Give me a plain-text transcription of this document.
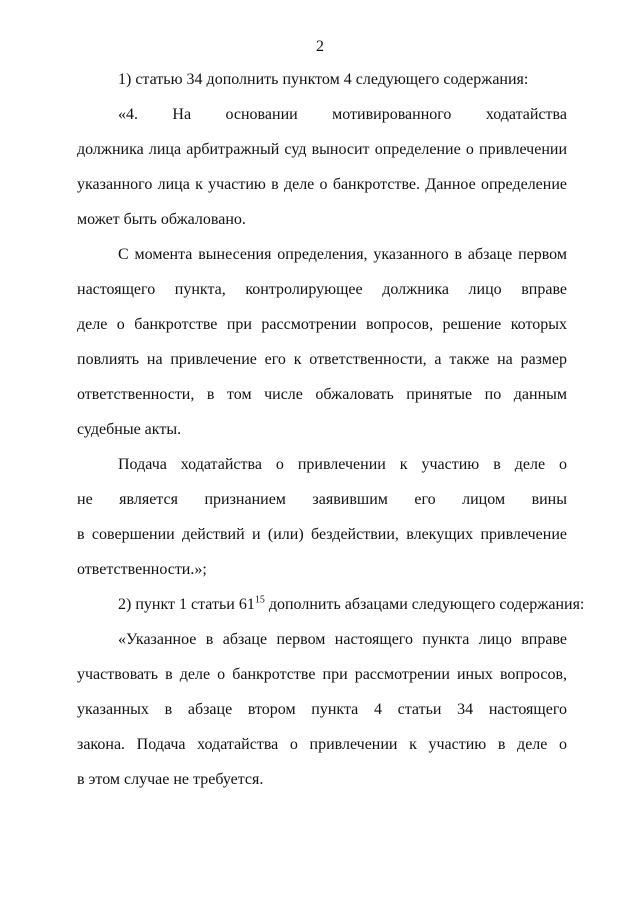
2
1) статью 34 дополнить пунктом 4 следующего содержания:
«4. На основании мотивированного ходатайства
должника лица арбитражный суд выносит определение о привлечении
указанного лица к участию в деле о банкротстве. Данное определение
может быть обжаловано.
С момента вынесения определения, указанного в абзаце первом
настоящего пункта, контролирующее должника лицо вправе
деле о банкротстве при рассмотрении вопросов, решение которых
повлиять на привлечение его к ответственности, а также на размер
ответственности, в том числе обжаловать принятые по данным
судебные акты.
Подача ходатайства о привлечении к участию в деле о
не является признанием заявившим его лицом вины
в совершении действий и (или) бездействии, влекущих привлечение
ответственности.»;
2) пункт 1 статьи $61^{15}$ дополнить абзацами следующего содержания:
«Указанное в абзаце первом настоящего пункта лицо вправе
участвовать в деле о банкротстве при рассмотрении иных вопросов,
указанных в абзаце втором пункта 4 статьи 34 настоящего
закона. Подача ходатайства о привлечении к участию в деле о
в этом случае не требуется.
